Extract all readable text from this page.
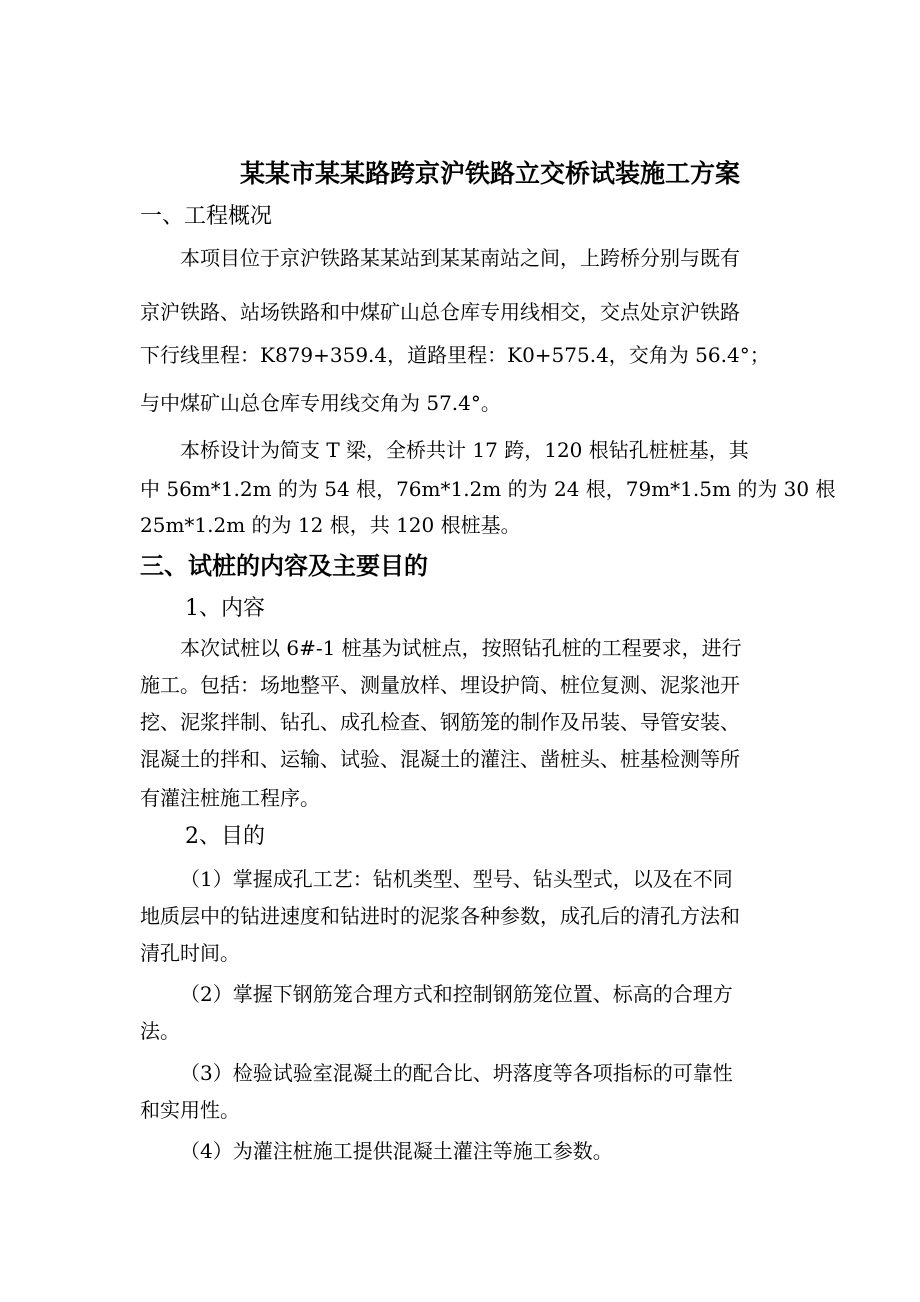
某某市某某路跨京沪铁路立交桥试装施工方案
一、工程概况
本项目位于京沪铁路某某站到某某南站之间，上跨桥分别与既有
京沪铁路、站场铁路和中煤矿山总仓库专用线相交，交点处京沪铁路
下行线里程：K879+359.4，道路里程：K0+575.4，交角为 56.4°；
与中煤矿山总仓库专用线交角为 57.4°。
本桥设计为简支 T 梁，全桥共计 17 跨，120 根钻孔桩桩基，其
中 56m*1.2m 的为 54 根，76m*1.2m 的为 24 根，79m*1.5m 的为 30 根
25m*1.2m 的为 12 根，共 120 根桩基。
三、试桩的内容及主要目的
1、内容
本次试桩以 6#-1 桩基为试桩点，按照钻孔桩的工程要求，进行
施工。包括：场地整平、测量放样、埋设护筒、桩位复测、泥浆池开
挖、泥浆拌制、钻孔、成孔检查、钢筋笼的制作及吊装、导管安装、
混凝土的拌和、运输、试验、混凝土的灌注、凿桩头、桩基检测等所
有灌注桩施工程序。
2、目的
（1）掌握成孔工艺：钻机类型、型号、钻头型式，以及在不同
地质层中的钻进速度和钻进时的泥浆各种参数，成孔后的清孔方法和
清孔时间。
（2）掌握下钢筋笼合理方式和控制钢筋笼位置、标高的合理方
法。
（3）检验试验室混凝土的配合比、坍落度等各项指标的可靠性
和实用性。
（4）为灌注桩施工提供混凝土灌注等施工参数。
